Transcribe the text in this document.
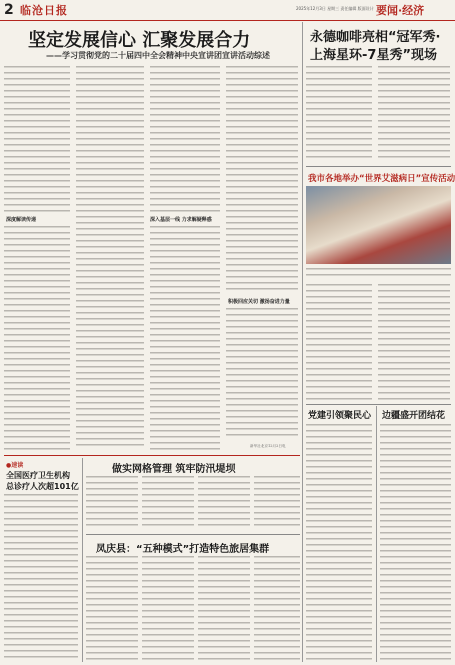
2 临沧日报	2025年12月3日 星期三 责任编辑 版面设计 要闻·经济
坚定发展信心 汇聚发展合力
——学习贯彻党的二十届四中全会精神中央宣讲团宣讲活动综述
深度解读传递	深入基层一线 力求解疑释惑
积极回应关切 激扬奋进力量
新华社北京12月2日电
永德咖啡亮相“冠军秀·
上海星环-7星秀”现场
我市各地举办“世界艾滋病日”宣传活动
党建引领聚民心 边疆盛开团结花
●速读
全国医疗卫生机构
总诊疗人次超101亿
做实网格管理 筑牢防汛堤坝
凤庆县：“五种模式”打造特色旅居集群
